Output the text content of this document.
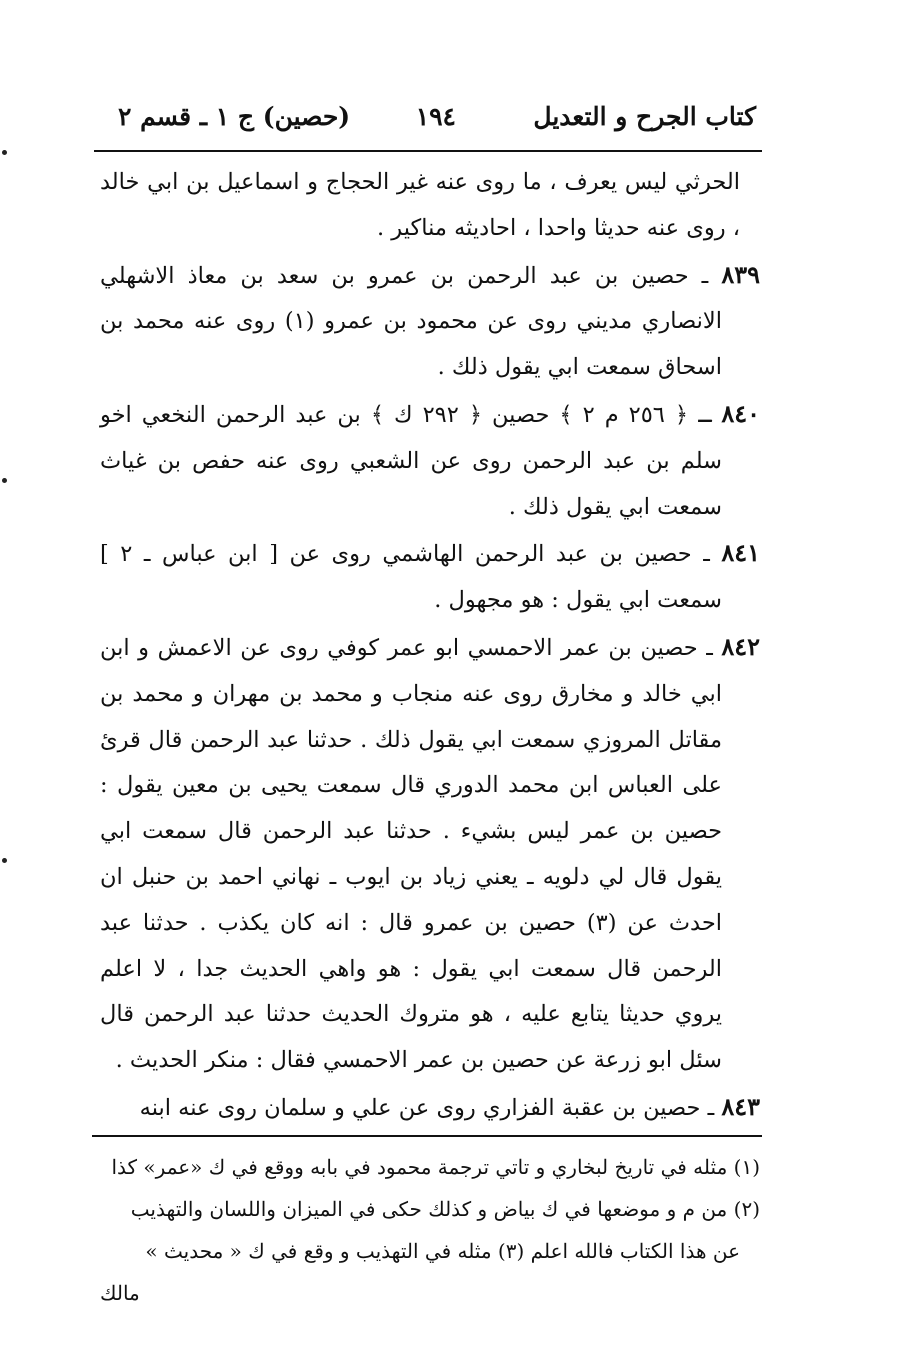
كتاب الجرح و التعديل
١٩٤
(حصين) ج ١ ـ قسم ٢

الحرثي ليس يعرف ، ما روى عنه غير الحجاج و اسماعيل بن ابي خالد ، روى عنه حديثا واحدا ، احاديثه مناكير .

٨٣٩ ـ حصين بن عبد الرحمن بن عمرو بن سعد بن معاذ الاشهلي الانصاري مديني روى عن محمود بن عمرو (١) روى عنه محمد بن اسحاق سمعت ابي يقول ذلك .

٨٤٠ ـ ﴿ ٢٥٦ م ٢ ﴾ حصين ﴿ ٢٩٢ ك ﴾ بن عبد الرحمن النخعي اخو سلم بن عبد الرحمن روى عن الشعبي روى عنه حفص بن غياث سمعت ابي يقول ذلك .

٨٤١ ـ حصين بن عبد الرحمن الهاشمي روى عن [ ابن عباس ـ ٢ ] سمعت ابي يقول : هو مجهول .

٨٤٢ ـ حصين بن عمر الاحمسي ابو عمر كوفي روى عن الاعمش و ابن ابي خالد و مخارق روى عنه منجاب و محمد بن مهران و محمد بن مقاتل المروزي سمعت ابي يقول ذلك . حدثنا عبد الرحمن قال قرئ على العباس ابن محمد الدوري قال سمعت يحيى بن معين يقول : حصين بن عمر ليس بشيء . حدثنا عبد الرحمن قال سمعت ابي يقول قال لي دلويه ـ يعني زياد بن ايوب ـ نهاني احمد بن حنبل ان احدث عن (٣) حصين بن عمرو قال : انه كان يكذب . حدثنا عبد الرحمن قال سمعت ابي يقول : هو واهي الحديث جدا ، لا اعلم يروي حديثا يتابع عليه ، هو متروك الحديث حدثنا عبد الرحمن قال سئل ابو زرعة عن حصين بن عمر الاحمسي فقال : منكر الحديث .

٨٤٣ ـ حصين بن عقبة الفزاري روى عن علي و سلمان روى عنه ابنه

(١) مثله في تاريخ لبخاري و تاتي ترجمة محمود في بابه ووقع في ك «عمر» كذا

(٢) من م و موضعها في ك بياض و كذلك حكى في الميزان واللسان والتهذيب

عن هذا الكتاب فالله اعلم (٣) مثله في التهذيب و وقع في ك « محديث »

مالك
